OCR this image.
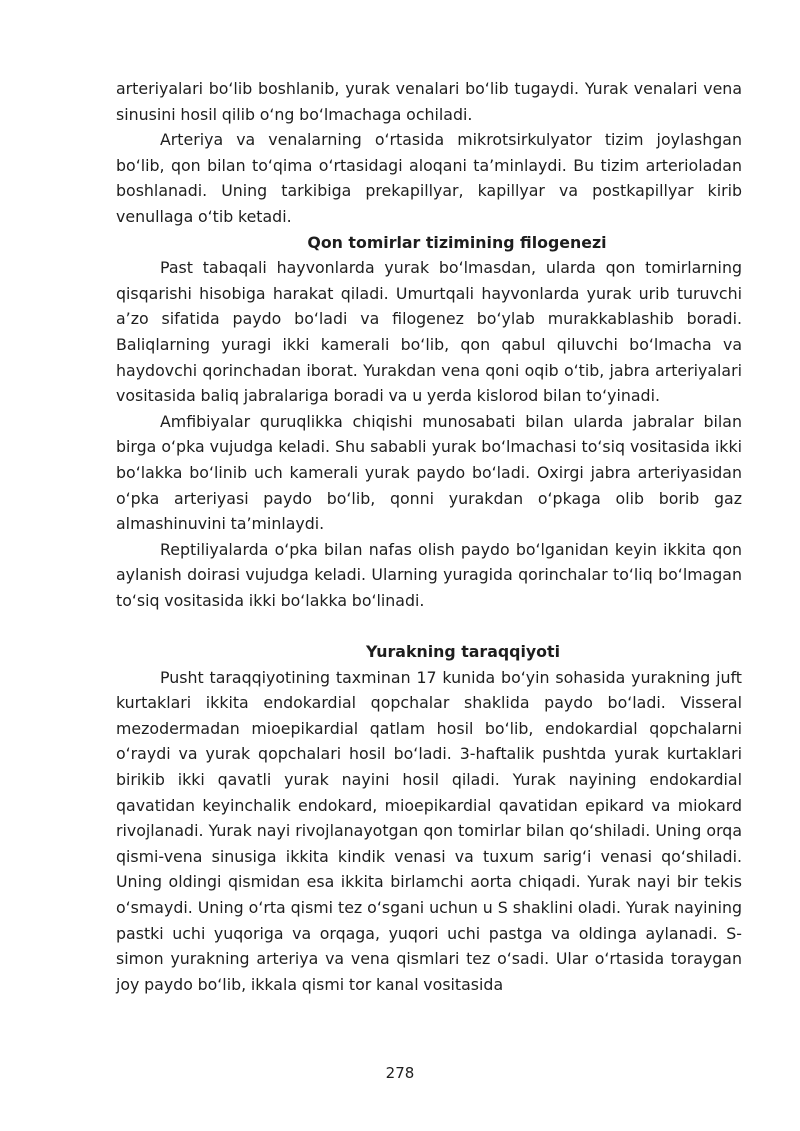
arteriyalari bo‘lib boshlanib, yurak venalari bo‘lib tugaydi. Yurak venalari vena sinusini hosil qilib o‘ng bo‘lmachaga ochiladi.

Arteriya va venalarning o‘rtasida mikrotsirkulyator tizim joylashgan bo‘lib, qon bilan to‘qima o‘rtasidagi aloqani ta’minlaydi. Bu tizim arterioladan boshlanadi. Uning tarkibiga prekapillyar, kapillyar va postkapillyar kirib venullaga o‘tib ketadi.

Qon tomirlar tizimining filogenezi

Past tabaqali hayvonlarda yurak bo‘lmasdan, ularda qon tomirlarning qisqarishi hisobiga harakat qiladi. Umurtqali hayvonlarda yurak urib turuvchi a’zo sifatida paydo bo‘ladi va filogenez bo‘ylab murakkablashib boradi. Baliqlarning yuragi ikki kamerali bo‘lib, qon qabul qiluvchi bo‘lmacha va haydovchi qorinchadan iborat. Yurakdan vena qoni oqib o‘tib, jabra arteriyalari vositasida baliq jabralariga boradi va u yerda kislorod bilan to‘yinadi.

Amfibiyalar quruqlikka chiqishi munosabati bilan ularda jabralar bilan birga o‘pka vujudga keladi. Shu sababli yurak bo‘lmachasi to‘siq vositasida ikki bo‘lakka bo‘linib uch kamerali yurak paydo bo‘ladi. Oxirgi jabra arteriyasidan o‘pka arteriyasi paydo bo‘lib, qonni yurakdan o‘pkaga olib borib gaz almashinuvini ta’minlaydi.

Reptiliyalarda o‘pka bilan nafas olish paydo bo‘lganidan keyin ikkita qon aylanish doirasi vujudga keladi. Ularning yuragida qorinchalar to‘liq bo‘lmagan to‘siq vositasida ikki bo‘lakka bo‘linadi.

Yurakning taraqqiyoti

Pusht taraqqiyotining taxminan 17 kunida bo‘yin sohasida yurakning juft kurtaklari ikkita endokardial qopchalar shaklida paydo bo‘ladi. Visseral mezodermadan mioepikardial qatlam hosil bo‘lib, endokardial qopchalarni o‘raydi va yurak qopchalari hosil bo‘ladi. 3-haftalik pushtda yurak kurtaklari birikib ikki qavatli yurak nayini hosil qiladi. Yurak nayining endokardial qavatidan keyinchalik endokard, mioepikardial qavatidan epikard va miokard rivojlanadi. Yurak nayi rivojlanayotgan qon tomirlar bilan qo‘shiladi. Uning orqa qismi-vena sinusiga ikkita kindik venasi va tuxum sarig‘i venasi qo‘shiladi. Uning oldingi qismidan esa ikkita birlamchi aorta chiqadi. Yurak nayi bir tekis o‘smaydi. Uning o‘rta qismi tez o‘sgani uchun u S shaklini oladi. Yurak nayining pastki uchi yuqoriga va orqaga, yuqori uchi pastga va oldinga aylanadi. S-simon yurakning arteriya va vena qismlari tez o‘sadi. Ular o‘rtasida toraygan joy paydo bo‘lib, ikkala qismi tor kanal vositasida

278
